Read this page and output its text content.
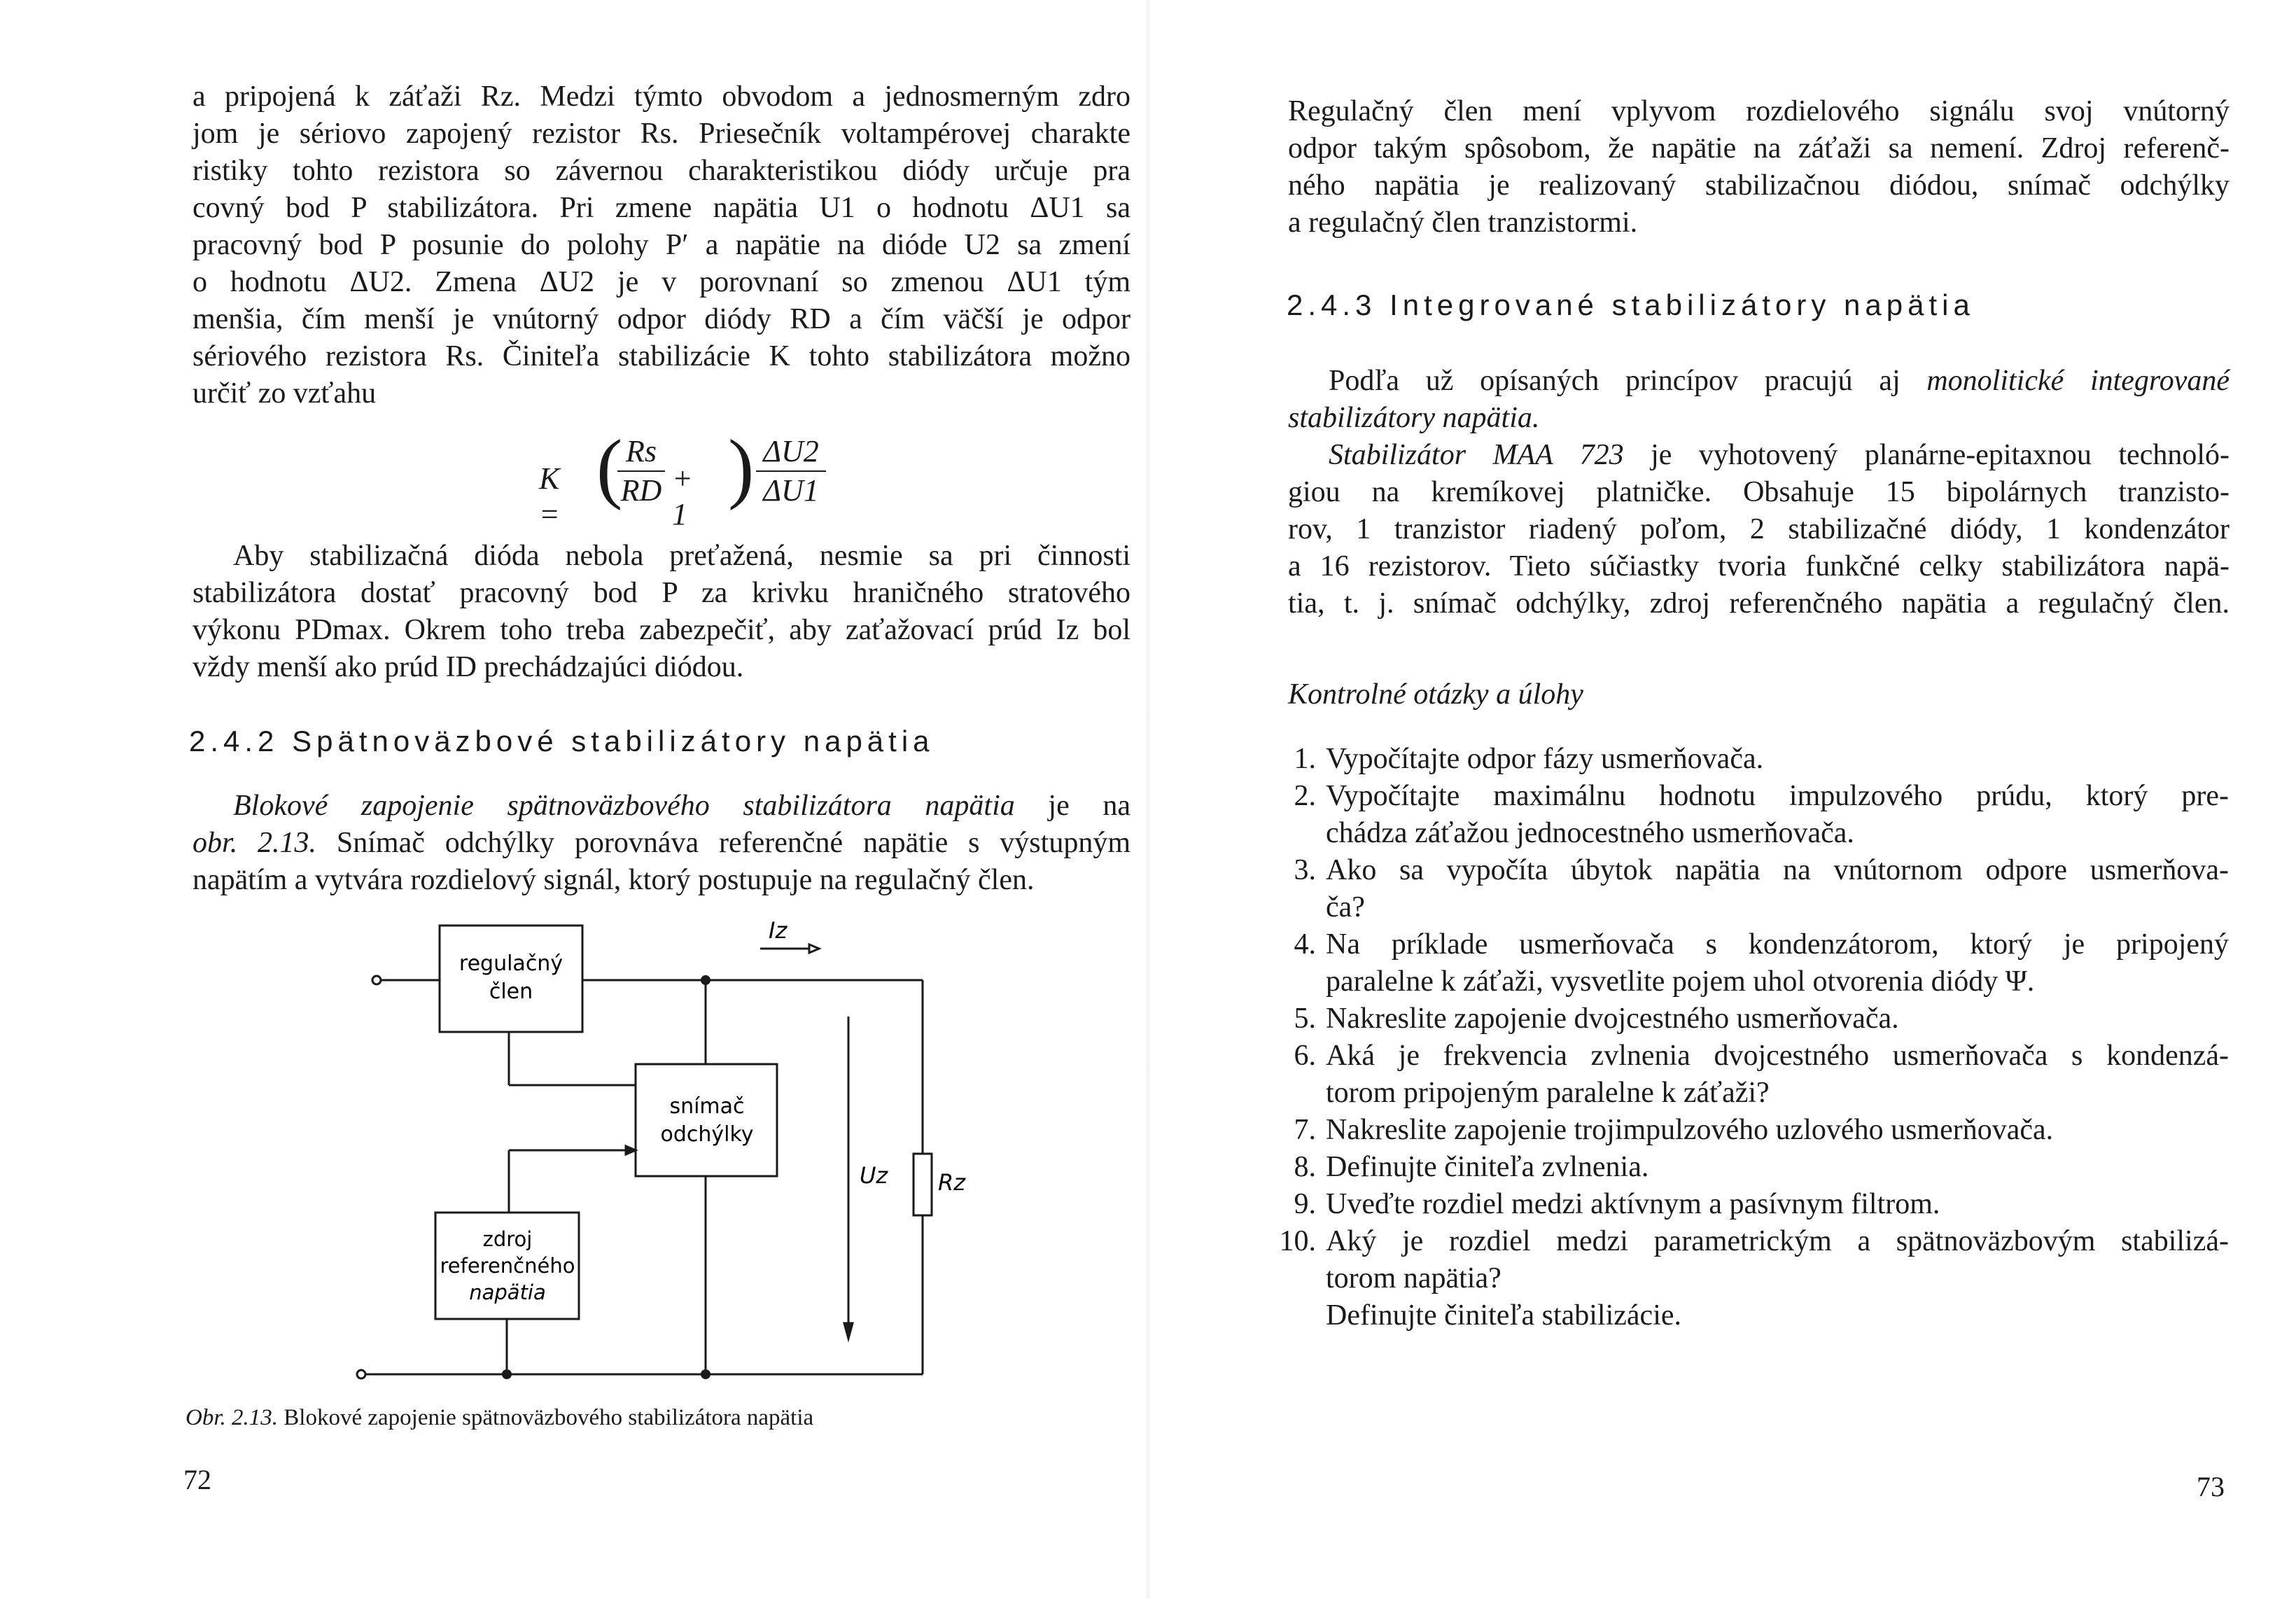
a pripojená k záťaži Rz. Medzi týmto obvodom a jednosmerným zdro

jom je sériovo zapojený rezistor Rs. Priesečník voltampérovej charakte

ristiky tohto rezistora so závernou charakteristikou diódy určuje pra

covný bod P stabilizátora. Pri zmene napätia U1 o hodnotu ΔU1 sa

pracovný bod P posunie do polohy P′ a napätie na dióde U2 sa zmení

o hodnotu ΔU2. Zmena ΔU2 je v porovnaní so zmenou ΔU1 tým

menšia, čím menší je vnútorný odpor diódy RD a čím väčší je odpor

sériového rezistora Rs. Činiteľa stabilizácie K tohto stabilizátora možno

určiť zo vzťahu

K =
( Rs
RD + 1
) ΔU2
ΔU1

Aby stabilizačná dióda nebola preťažená, nesmie sa pri činnosti

stabilizátora dostať pracovný bod P za krivku hraničného stratového

výkonu PDmax. Okrem toho treba zabezpečiť, aby zaťažovací prúd Iz bol

vždy menší ako prúd ID prechádzajúci diódou.

2.4.2 Spätnoväzbové stabilizátory napätia

Blokové zapojenie spätnoväzbového stabilizátora napätia je na

obr. 2.13. Snímač odchýlky porovnáva referenčné napätie s výstupným

napätím a vytvára rozdielový signál, ktorý postupuje na regulačný člen.

regulačný
člen
snímač
odchýlky
zdroj
referenčného
napätia
Iz
Uz Rz
Obr. 2.13. Blokové zapojenie spätnoväzbového stabilizátora napätia
72

Regulačný člen mení vplyvom rozdielového signálu svoj vnútorný

odpor takým spôsobom, že napätie na záťaži sa nemení. Zdroj referenč-

ného napätia je realizovaný stabilizačnou diódou, snímač odchýlky

a regulačný člen tranzistormi.

2.4.3 Integrované stabilizátory napätia

Podľa už opísaných princípov pracujú aj monolitické integrované

stabilizátory napätia.

Stabilizátor MAA 723 je vyhotovený planárne-epitaxnou technoló-

giou na kremíkovej platničke. Obsahuje 15 bipolárnych tranzisto-

rov, 1 tranzistor riadený poľom, 2 stabilizačné diódy, 1 kondenzátor

a 16 rezistorov. Tieto súčiastky tvoria funkčné celky stabilizátora napä-

tia, t. j. snímač odchýlky, zdroj referenčného napätia a regulačný člen.

Kontrolné otázky a úlohy
1. Vypočítajte odpor fázy usmerňovača.

2. Vypočítajte maximálnu hodnotu impulzového prúdu, ktorý pre-

chádza záťažou jednocestného usmerňovača.

3. Ako sa vypočíta úbytok napätia na vnútornom odpore usmerňova-

ča?

4. Na príklade usmerňovača s kondenzátorom, ktorý je pripojený

paralelne k záťaži, vysvetlite pojem uhol otvorenia diódy Ψ.

5. Nakreslite zapojenie dvojcestného usmerňovača.

6. Aká je frekvencia zvlnenia dvojcestného usmerňovača s kondenzá-

torom pripojeným paralelne k záťaži?

7. Nakreslite zapojenie trojimpulzového uzlového usmerňovača.

8. Definujte činiteľa zvlnenia.

9. Uveďte rozdiel medzi aktívnym a pasívnym filtrom.

10. Aký je rozdiel medzi parametrickým a spätnoväzbovým stabilizá-

torom napätia?

Definujte činiteľa stabilizácie.

73
